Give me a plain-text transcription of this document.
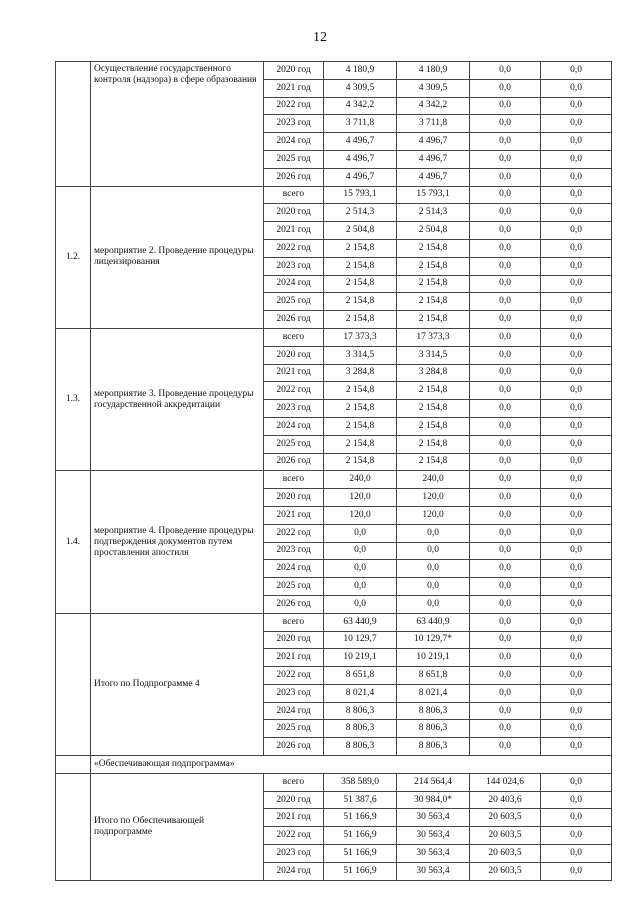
12
	Осуществление государственного контроля (надзора) в сфере образования	2020 год	4 180,9	4 180,9	0,0	0,0
		2021 год	4 309,5	4 309,5	0,0	0,0
		2022 год	4 342,2	4 342,2	0,0	0,0
		2023 год	3 711,8	3 711,8	0,0	0,0
		2024 год	4 496,7	4 496,7	0,0	0,0
		2025 год	4 496,7	4 496,7	0,0	0,0
		2026 год	4 496,7	4 496,7	0,0	0,0
1.2.	мероприятие 2. Проведение процедуры лицензирования	всего	15 793,1	15 793,1	0,0	0,0
		2020 год	2 514,3	2 514,3	0,0	0,0
		2021 год	2 504,8	2 504,8	0,0	0,0
		2022 год	2 154,8	2 154,8	0,0	0,0
		2023 год	2 154,8	2 154,8	0,0	0,0
		2024 год	2 154,8	2 154,8	0,0	0,0
		2025 год	2 154,8	2 154,8	0,0	0,0
		2026 год	2 154,8	2 154,8	0,0	0,0
1.3.	мероприятие 3. Проведение процедуры государственной аккредитации	всего	17 373,3	17 373,3	0,0	0,0
		2020 год	3 314,5	3 314,5	0,0	0,0
		2021 год	3 284,8	3 284,8	0,0	0,0
		2022 год	2 154,8	2 154,8	0,0	0,0
		2023 год	2 154,8	2 154,8	0,0	0,0
		2024 год	2 154,8	2 154,8	0,0	0,0
		2025 год	2 154,8	2 154,8	0,0	0,0
		2026 год	2 154,8	2 154,8	0,0	0,0
1.4.	мероприятие 4. Проведение процедуры подтверждения документов путем проставления апостиля	всего	240,0	240,0	0,0	0,0
		2020 год	120,0	120,0	0,0	0,0
		2021 год	120,0	120,0	0,0	0,0
		2022 год	0,0	0,0	0,0	0,0
		2023 год	0,0	0,0	0,0	0,0
		2024 год	0,0	0,0	0,0	0,0
		2025 год	0,0	0,0	0,0	0,0
		2026 год	0,0	0,0	0,0	0,0
	Итого по Подпрограмме 4	всего	63 440,9	63 440,9	0,0	0,0
		2020 год	10 129,7	10 129,7*	0,0	0,0
		2021 год	10 219,1	10 219,1	0,0	0,0
		2022 год	8 651,8	8 651,8	0,0	0,0
		2023 год	8 021,4	8 021,4	0,0	0,0
		2024 год	8 806,3	8 806,3	0,0	0,0
		2025 год	8 806,3	8 806,3	0,0	0,0
		2026 год	8 806,3	8 806,3	0,0	0,0
	«Обеспечивающая подпрограмма»					
	Итого по Обеспечивающей подпрограмме	всего	358 589,0	214 564,4	144 024,6	0,0
		2020 год	51 387,6	30 984,0*	20 403,6	0,0
		2021 год	51 166,9	30 563,4	20 603,5	0,0
		2022 год	51 166,9	30 563,4	20 603,5	0,0
		2023 год	51 166,9	30 563,4	20 603,5	0,0
		2024 год	51 166,9	30 563,4	20 603,5	0,0
